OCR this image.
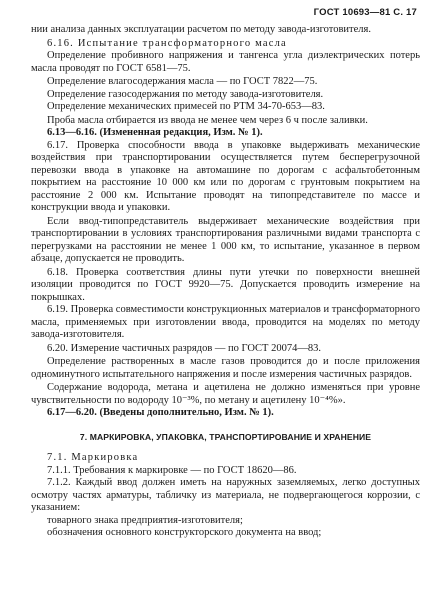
ГОСТ 10693—81 С. 17

нии анализа данных эксплуатации расчетом по методу завода-изготовителя.

6.16. Испытание трансформаторного масла

Определение пробивного напряжения и тангенса угла диэлектрических потерь масла проводят по ГОСТ 6581—75.

Определение влагосодержания масла — по ГОСТ 7822—75.

Определение газосодержания по методу завода-изготовителя.

Определение механических примесей по РТМ 34-70-653—83.

Проба масла отбирается из ввода не менее чем через 6 ч после заливки.

6.13—6.16. (Измененная редакция, Изм. № 1).

6.17. Проверка способности ввода в упаковке выдерживать механические воздействия при транспортировании осуществляется путем бесперегрузочной перевозки ввода в упаковке на автомашине по дорогам с асфальтобетонным покрытием на расстояние 10 000 км или по дорогам с грунтовым покрытием на расстояние 2 000 км. Испытание проводят на типопредставителе по массе и конструкции ввода и упаковки.

Если ввод-типопредставитель выдерживает механические воздействия при транспортировании в условиях транспортирования различными видами транспорта с перегрузками на расстоянии не менее 1 000 км, то испытание, указанное в первом абзаце, допускается не проводить.

6.18. Проверка соответствия длины пути утечки по поверхности внешней изоляции проводится по ГОСТ 9920—75. Допускается проводить измерение на покрышках.

6.19. Проверка совместимости конструкционных материалов и трансформаторного масла, применяемых при изготовлении ввода, проводится на моделях по методу завода-изготовителя.

6.20. Измерение частичных разрядов — по ГОСТ 20074—83.

Определение растворенных в масле газов проводится до и после приложения одноминутного испытательного напряжения и после измерения частичных разрядов.

Содержание водорода, метана и ацетилена не должно изменяться при уровне чувствительности по водороду 10⁻³%, по метану и ацетилену 10⁻⁴%».

6.17—6.20. (Введены дополнительно, Изм. № 1).

7. МАРКИРОВКА, УПАКОВКА, ТРАНСПОРТИРОВАНИЕ И ХРАНЕНИЕ

7.1. Маркировка

7.1.1. Требования к маркировке — по ГОСТ 18620—86.

7.1.2. Каждый ввод должен иметь на наружных заземляемых, легко доступных осмотру частях арматуры, табличку из материала, не подвергающегося коррозии, с указанием:

товарного знака предприятия-изготовителя;

обозначения основного конструкторского документа на ввод;
